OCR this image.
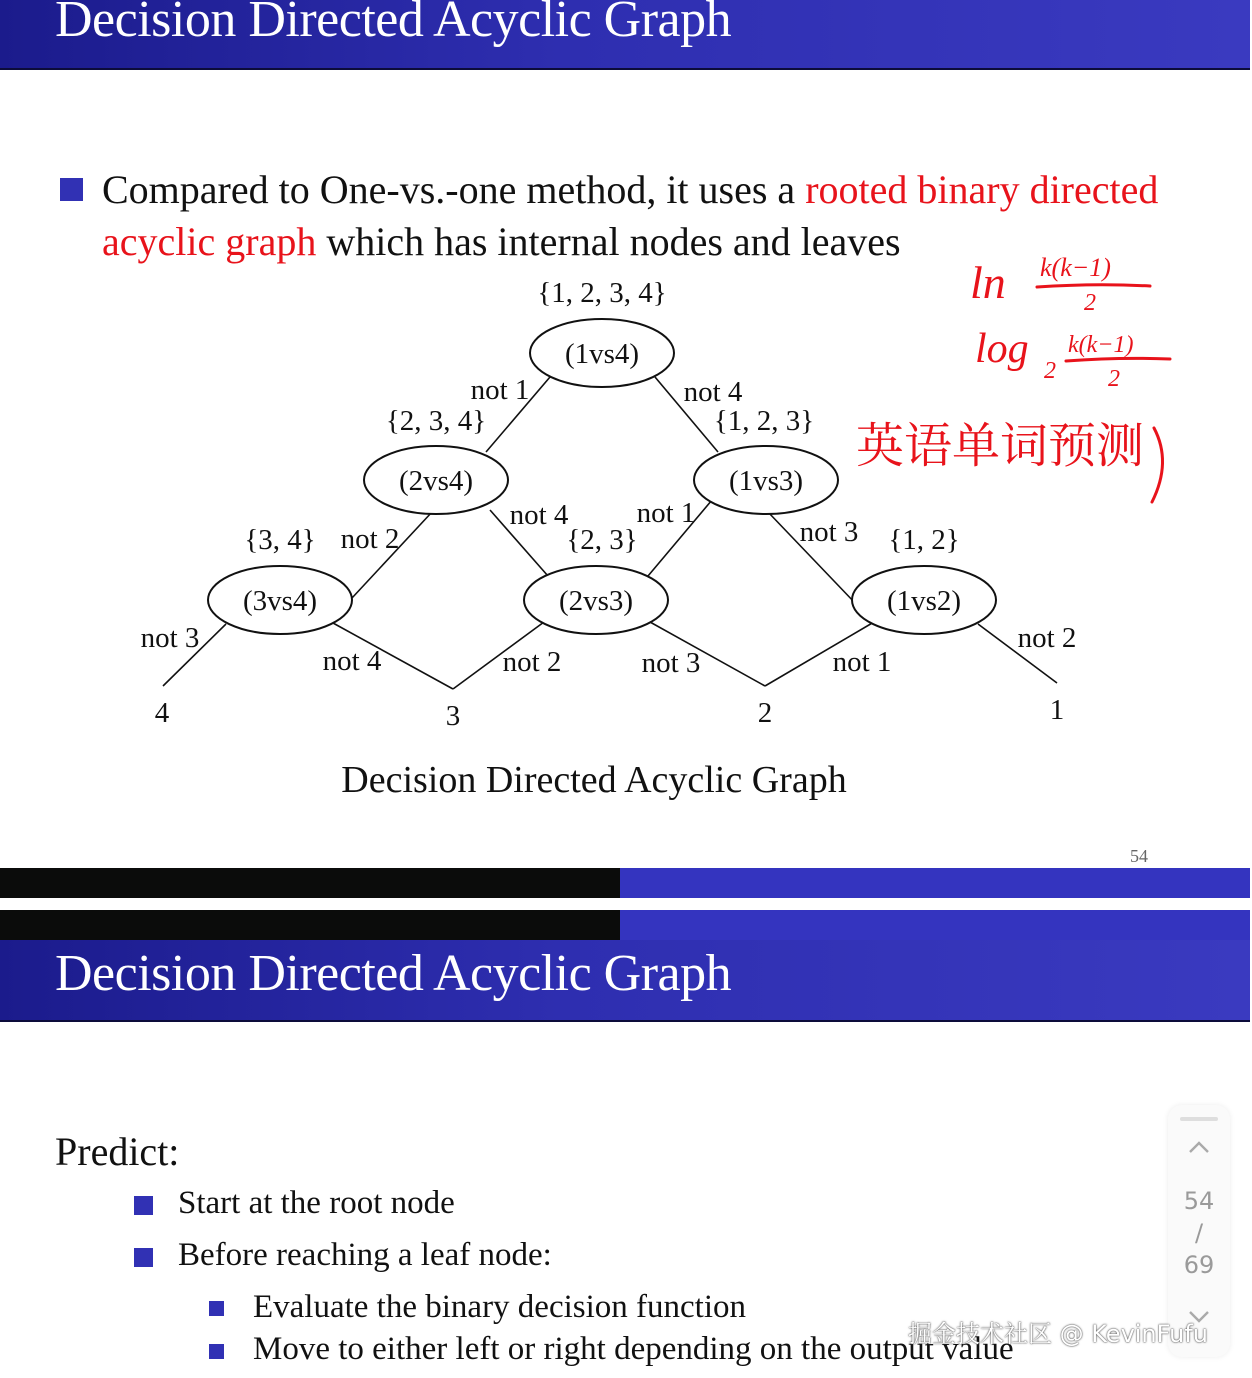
Decision Directed Acyclic Graph
Compared to One-vs.-one method, it uses a rooted binary directed
acyclic graph which has internal nodes and leaves
(1vs4)
(2vs4)	(1vs3)
(3vs4)	(2vs3)	(1vs2)
{1, 2, 3, 4}
{2, 3, 4}	{1, 2, 3}
{3, 4}	{2, 3}	{1, 2}
not 1	not 4
not 2
not 4 not 1
not 3
not 3
not 4	not 2	not 3	not 1
not 2
4	3	2	1
Decision Directed Acyclic Graph
ln k(k−1)
2
log 2
k(k−1)
2
英语单词预测
54
Decision Directed Acyclic Graph
Predict:
Start at the root node
Before reaching a leaf node:
Evaluate the binary decision function
Move to either left or right depending on the output value
54
/
69
掘金技术社区 @ KevinFufu
